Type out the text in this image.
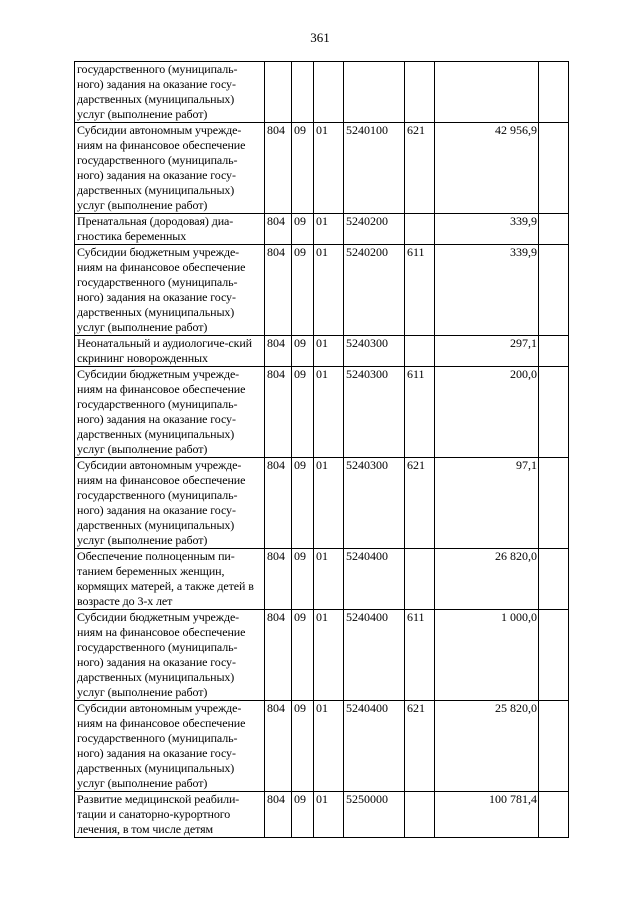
361
государственного (муниципаль-ного) задания на оказание госу-дарственных (муниципальных) услуг (выполнение работ)							
Субсидии автономным учрежде-ниям на финансовое обеспечение государственного (муниципаль-ного) задания на оказание госу-дарственных (муниципальных) услуг (выполнение работ)	804	09	01	5240100	621	42 956,9	
Пренатальная (дородовая) диа-гностика беременных	804	09	01	5240200		339,9	
Субсидии бюджетным учрежде-ниям на финансовое обеспечение государственного (муниципаль-ного) задания на оказание госу-дарственных (муниципальных) услуг (выполнение работ)	804	09	01	5240200	611	339,9	
Неонатальный и аудиологиче-ский скрининг новорожденных	804	09	01	5240300		297,1	
Субсидии бюджетным учрежде-ниям на финансовое обеспечение государственного (муниципаль-ного) задания на оказание госу-дарственных (муниципальных) услуг (выполнение работ)	804	09	01	5240300	611	200,0	
Субсидии автономным учрежде-ниям на финансовое обеспечение государственного (муниципаль-ного) задания на оказание госу-дарственных (муниципальных) услуг (выполнение работ)	804	09	01	5240300	621	97,1	
Обеспечение полноценным пи-танием беременных женщин, кормящих матерей, а также детей в возрасте до 3-х лет	804	09	01	5240400		26 820,0	
Субсидии бюджетным учрежде-ниям на финансовое обеспечение государственного (муниципаль-ного) задания на оказание госу-дарственных (муниципальных) услуг (выполнение работ)	804	09	01	5240400	611	1 000,0	
Субсидии автономным учрежде-ниям на финансовое обеспечение государственного (муниципаль-ного) задания на оказание госу-дарственных (муниципальных) услуг (выполнение работ)	804	09	01	5240400	621	25 820,0	
Развитие медицинской реабили-тации и санаторно-курортного лечения, в том числе детям	804	09	01	5250000		100 781,4	
